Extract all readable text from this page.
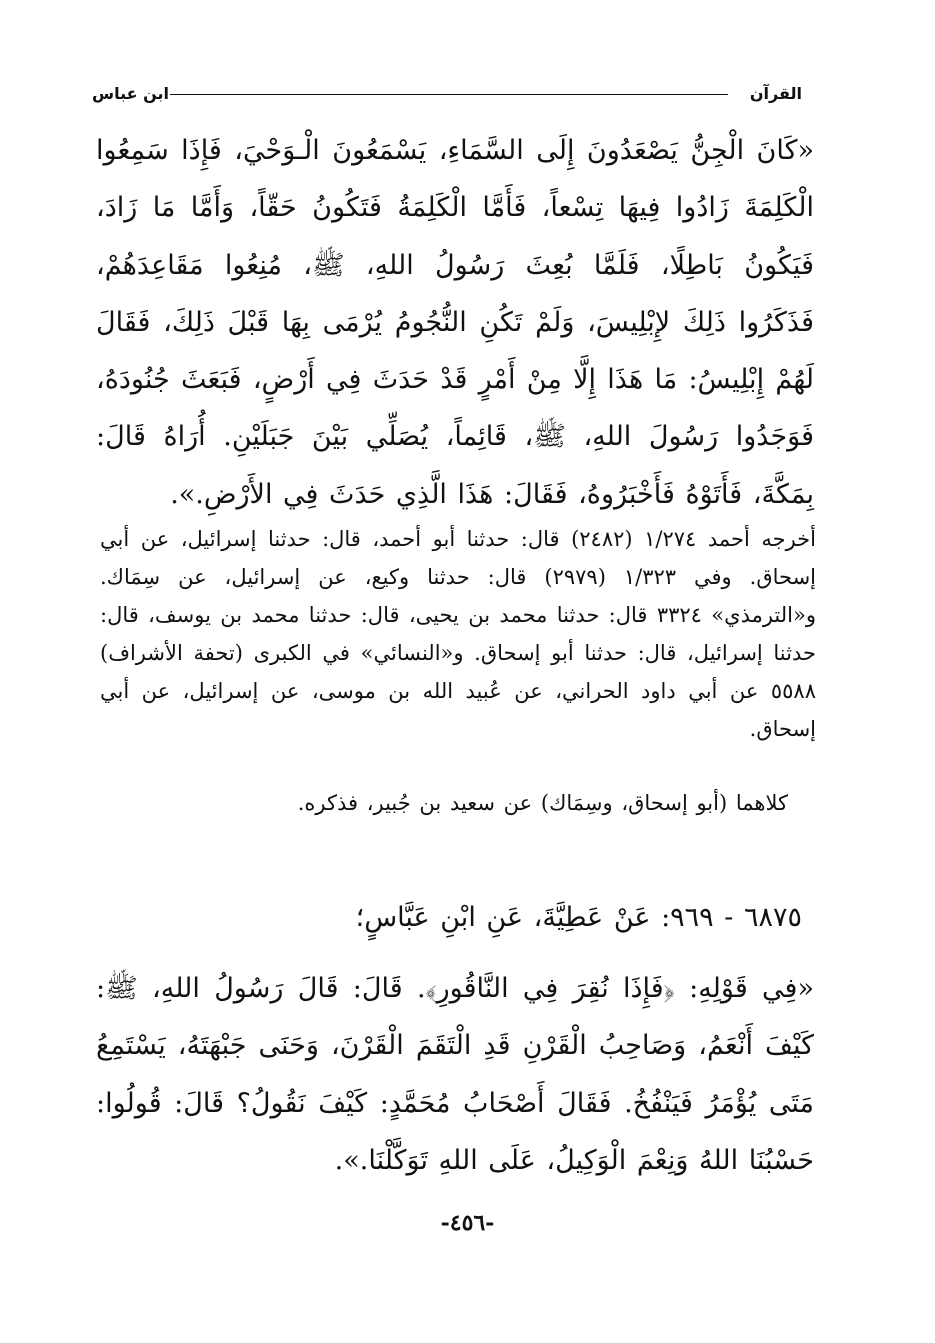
القرآن
ابن عباس
«كَانَ الْجِنُّ يَصْعَدُونَ إِلَى السَّمَاءِ، يَسْمَعُونَ الْـوَحْيَ، فَإِذَا سَمِعُوا الْكَلِمَةَ زَادُوا فِيهَا تِسْعاً، فَأَمَّا الْكَلِمَةُ فَتَكُونُ حَقّاً، وَأَمَّا مَا زَادَ، فَيَكُونُ بَاطِلًا، فَلَمَّا بُعِثَ رَسُولُ اللهِ، ﷺ، مُنِعُوا مَقَاعِدَهُمْ، فَذَكَرُوا ذَلِكَ لإِبْلِيسَ، وَلَمْ تَكُنِ النُّجُومُ يُرْمَى بِهَا قَبْلَ ذَلِكَ، فَقَالَ لَهُمْ إِبْلِيسُ: مَا هَذَا إِلَّا مِنْ أَمْرٍ قَدْ حَدَثَ فِي أَرْضٍ، فَبَعَثَ جُنُودَهُ، فَوَجَدُوا رَسُولَ اللهِ، ﷺ، قَائِماً، يُصَلِّي بَيْنَ جَبَلَيْنِ. أُرَاهُ قَالَ: بِمَكَّةَ، فَأَتَوْهُ فَأَخْبَرُوهُ، فَقَالَ: هَذَا الَّذِي حَدَثَ فِي الأَرْضِ.».
أخرجه أحمد ١/٢٧٤ (٢٤٨٢) قال: حدثنا أبو أحمد، قال: حدثنا إسرائيل، عن أبي إسحاق. وفي ١/٣٢٣ (٢٩٧٩) قال: حدثنا وكيع، عن إسرائيل، عن سِمَاك. و«الترمذي» ٣٣٢٤ قال: حدثنا محمد بن يحيى، قال: حدثنا محمد بن يوسف، قال: حدثنا إسرائيل، قال: حدثنا أبو إسحاق. و«النسائي» في الكبرى (تحفة الأشراف) ٥٥٨٨ عن أبي داود الحراني، عن عُبيد الله بن موسى، عن إسرائيل، عن أبي إسحاق.
كلاهما (أبو إسحاق، وسِمَاك) عن سعيد بن جُبير، فذكره.
٦٨٧٥ - ٩٦٩: عَنْ عَطِيَّةَ، عَنِ ابْنِ عَبَّاسٍ؛
«فِي قَوْلِهِ: ﴿فَإِذَا نُقِرَ فِي النَّاقُورِ﴾. قَالَ: قَالَ رَسُولُ اللهِ، ﷺ: كَيْفَ أَنْعَمُ، وَصَاحِبُ الْقَرْنِ قَدِ الْتَقَمَ الْقَرْنَ، وَحَنَى جَبْهَتَهُ، يَسْتَمِعُ مَتَى يُؤْمَرُ فَيَنْفُخُ. فَقَالَ أَصْحَابُ مُحَمَّدٍ: كَيْفَ نَقُولُ؟ قَالَ: قُولُوا: حَسْبُنَا اللهُ وَنِعْمَ الْوَكِيلُ، عَلَى اللهِ تَوَكَّلْنَا.».
-٤٥٦-
